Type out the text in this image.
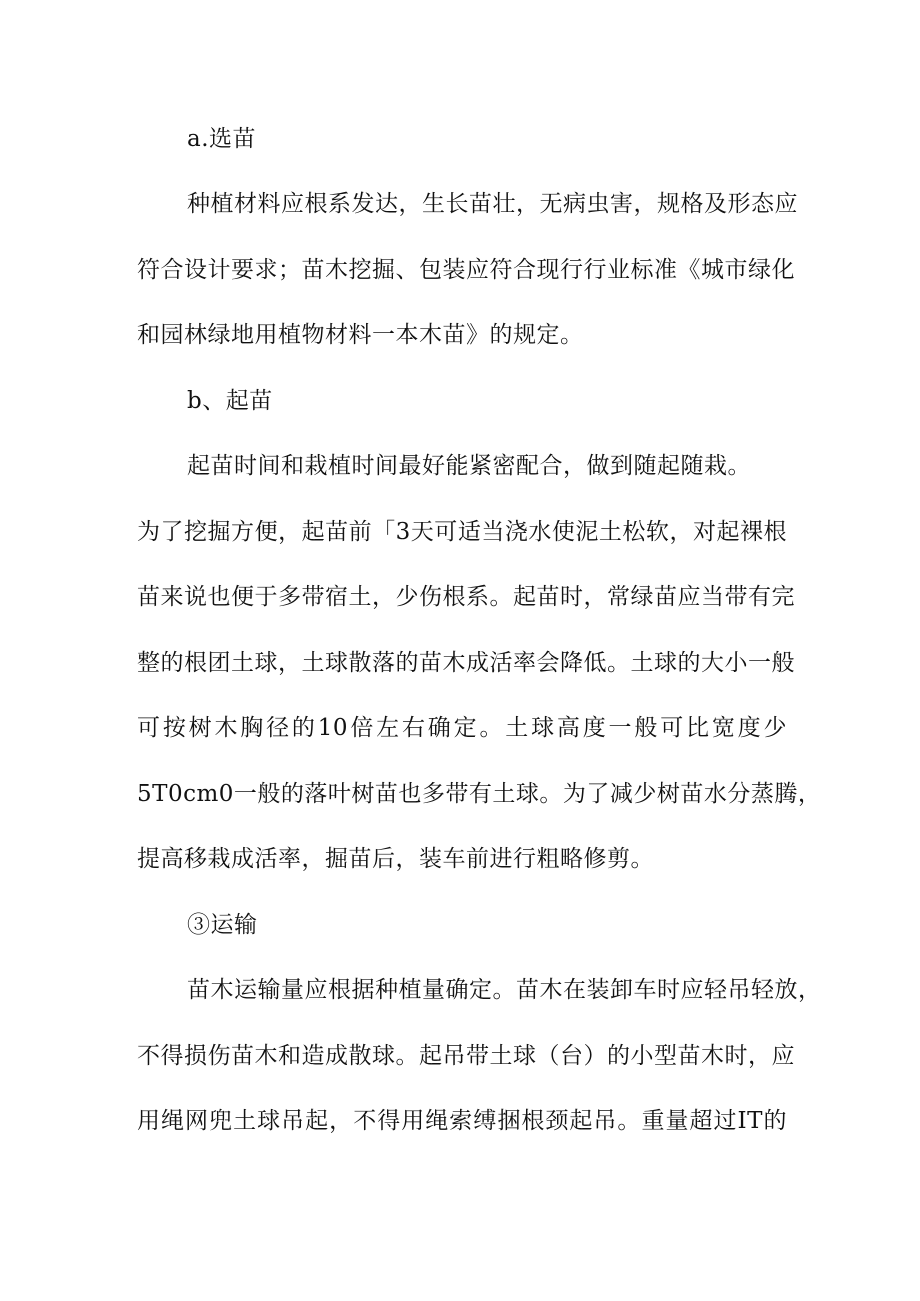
a.选苗
种植材料应根系发达，生长苗壮，无病虫害，规格及形态应
符合设计要求；苗木挖掘、包装应符合现行行业标准《城市绿化
和园林绿地用植物材料一本木苗》的规定。
b、起苗
起苗时间和栽植时间最好能紧密配合，做到随起随栽。
为了挖掘方便，起苗前「3天可适当浇水使泥土松软，对起裸根
苗来说也便于多带宿土，少伤根系。起苗时，常绿苗应当带有完
整的根团土球，土球散落的苗木成活率会降低。土球的大小一般
可按树木胸径的10倍左右确定。土球高度一般可比宽度少
5T0cm0一般的落叶树苗也多带有土球。为了减少树苗水分蒸腾，
提高移栽成活率，掘苗后，装车前进行粗略修剪。
③运输
苗木运输量应根据种植量确定。苗木在装卸车时应轻吊轻放，
不得损伤苗木和造成散球。起吊带土球（台）的小型苗木时，应
用绳网兜土球吊起，不得用绳索缚捆根颈起吊。重量超过IT的
